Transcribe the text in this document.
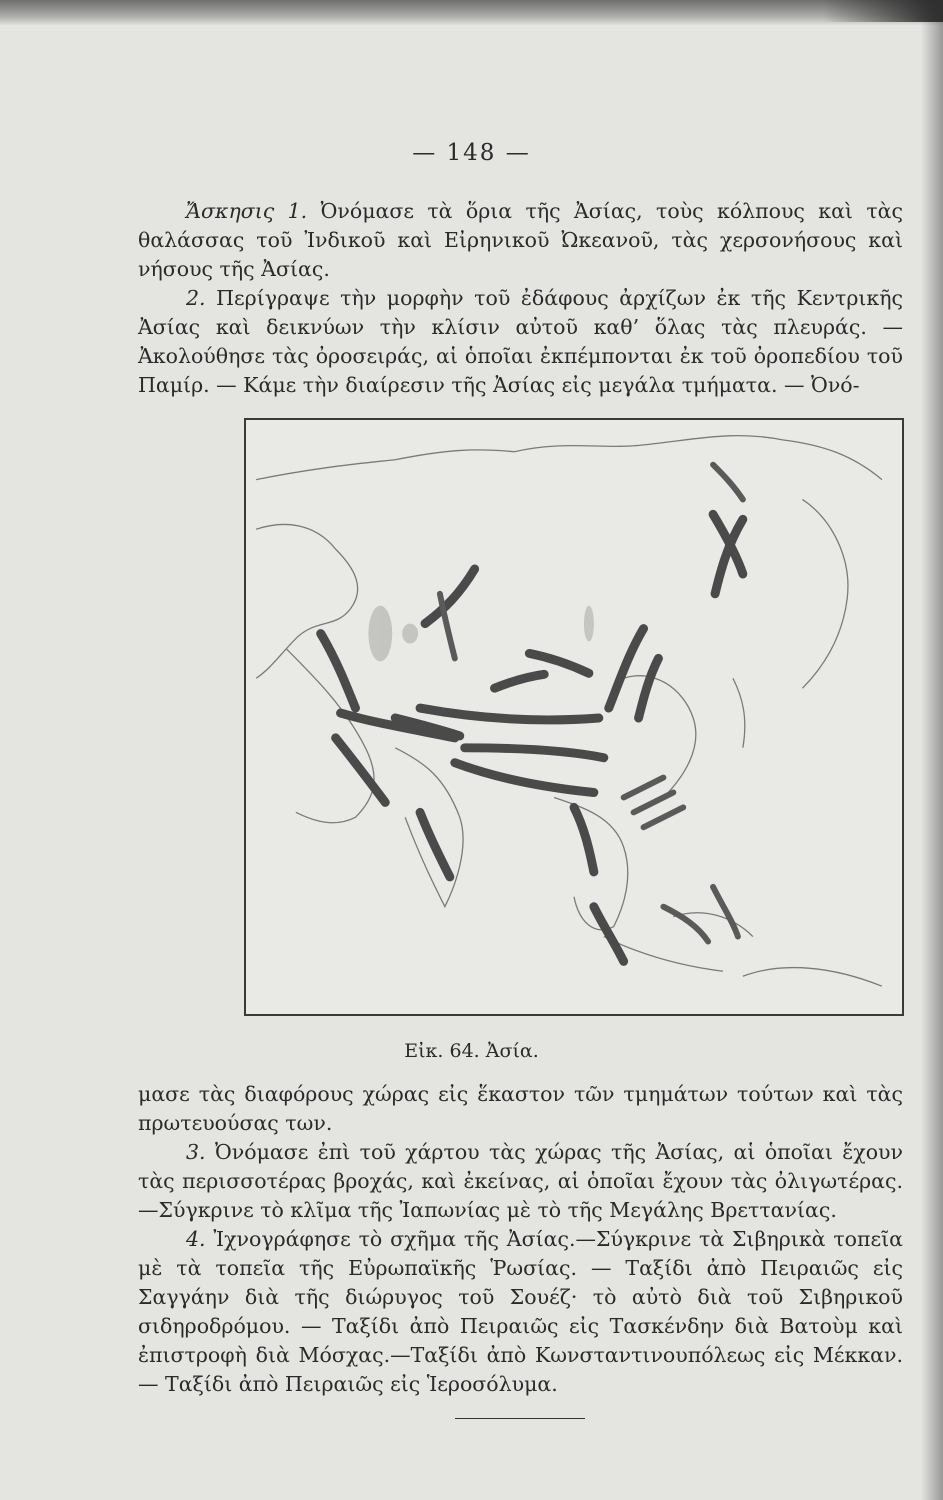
— 148 —

Ἄσκησις 1. Ὀνόμασε τὰ ὅρια τῆς Ἀσίας, τοὺς κόλπους καὶ τὰς θαλάσσας τοῦ Ἰνδικοῦ καὶ Εἰρηνικοῦ Ὠκεανοῦ, τὰς χερσονήσους καὶ νήσους τῆς Ἀσίας.

2. Περίγραψε τὴν μορφὴν τοῦ ἐδάφους ἀρχίζων ἐκ τῆς Κεντρικῆς Ἀσίας καὶ δεικνύων τὴν κλίσιν αὐτοῦ καθ’ ὅλας τὰς πλευράς. — Ἀκολούθησε τὰς ὀροσειράς, αἱ ὁποῖαι ἐκπέμπονται ἐκ τοῦ ὀροπεδίου τοῦ Παμίρ. — Κάμε τὴν διαίρεσιν τῆς Ἀσίας εἰς μεγάλα τμήματα. — Ὀνό-

Εἰκ. 64. Ἀσία.

μασε τὰς διαφόρους χώρας εἰς ἕκαστον τῶν τμημάτων τούτων καὶ τὰς πρωτευούσας των.

3. Ὀνόμασε ἐπὶ τοῦ χάρτου τὰς χώρας τῆς Ἀσίας, αἱ ὁποῖαι ἔχουν τὰς περισσοτέρας βροχάς, καὶ ἐκείνας, αἱ ὁποῖαι ἔχουν τὰς ὀλιγωτέρας. —Σύγκρινε τὸ κλῖμα τῆς Ἰαπωνίας μὲ τὸ τῆς Μεγάλης Βρεττανίας.

4. Ἰχνογράφησε τὸ σχῆμα τῆς Ἀσίας.—Σύγκρινε τὰ Σιβηρικὰ τοπεῖα μὲ τὰ τοπεῖα τῆς Εὐρωπαϊκῆς Ῥωσίας. — Ταξίδι ἀπὸ Πειραιῶς εἰς Σαγγάην διὰ τῆς διώρυγος τοῦ Σουέζ· τὸ αὐτὸ διὰ τοῦ Σιβηρικοῦ σιδηροδρόμου. — Ταξίδι ἀπὸ Πειραιῶς εἰς Τασκένδην διὰ Βατοὺμ καὶ ἐπιστροφὴ διὰ Μόσχας.—Ταξίδι ἀπὸ Κωνσταντινουπόλεως εἰς Μέκκαν. — Ταξίδι ἀπὸ Πειραιῶς εἰς Ἱεροσόλυμα.
